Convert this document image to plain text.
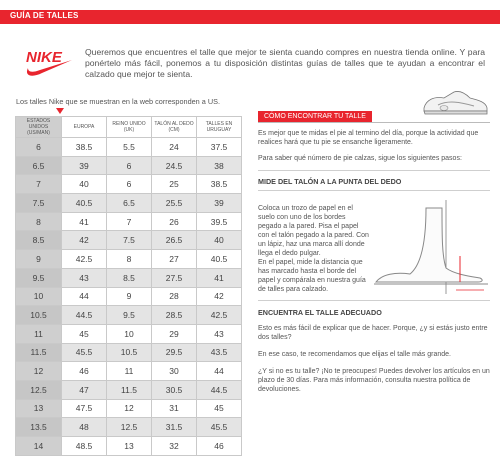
GUÍA DE TALLES
NIKE	Queremos que encuentres el talle que mejor te sienta cuando compres en nuestra tienda online. Y para ponértelo más fácil, ponemos a tu disposición distintas guías de talles que te ayudan a encontrar el calzado que mejor te sienta.

Los talles Nike que se muestran en la web corresponden a US.

ESTADOS UNIDOS (US/MAN)	EUROPA	REINO UNIDO (UK)	TALÓN AL DEDO (CM)	TALLES EN URUGUAY
6	38.5	5.5	24	37.5
6.5	39	6	24.5	38
7	40	6	25	38.5
7.5	40.5	6.5	25.5	39
8	41	7	26	39.5
8.5	42	7.5	26.5	40
9	42.5	8	27	40.5
9.5	43	8.5	27.5	41
10	44	9	28	42
10.5	44.5	9.5	28.5	42.5
11	45	10	29	43
11.5	45.5	10.5	29.5	43.5
12	46	11	30	44
12.5	47	11.5	30.5	44.5
13	47.5	12	31	45
13.5	48	12.5	31.5	45.5
14	48.5	13	32	46
CÓMO ENCONTRAR TU TALLE

Es mejor que te midas el pie al termino del día, porque la actividad que realices hará que tu pie se ensanche ligeramente.

Para saber qué número de pie calzas, sigue los siguientes pasos:

MIDE DEL TALÓN A LA PUNTA DEL DEDO

Coloca un trozo de papel en el suelo con uno de los bordes pegado a la pared. Pisa el papel con el talón pegado a la pared. Con un lápiz, haz una marca allí donde llega el dedo pulgar.

En el papel, mide la distancia que has marcado hasta el borde del papel y compárala en nuestra guía de talles para calzado.

ENCUENTRA EL TALLE ADECUADO

Esto es más fácil de explicar que de hacer. Porque, ¿y si estás justo entre dos talles?

En ese caso, te recomendamos que elijas el talle más grande.

¿Y si no es tu talle? ¡No te preocupes! Puedes devolver los artículos en un plazo de 30 días. Para más información, consulta nuestra política de devoluciones.
